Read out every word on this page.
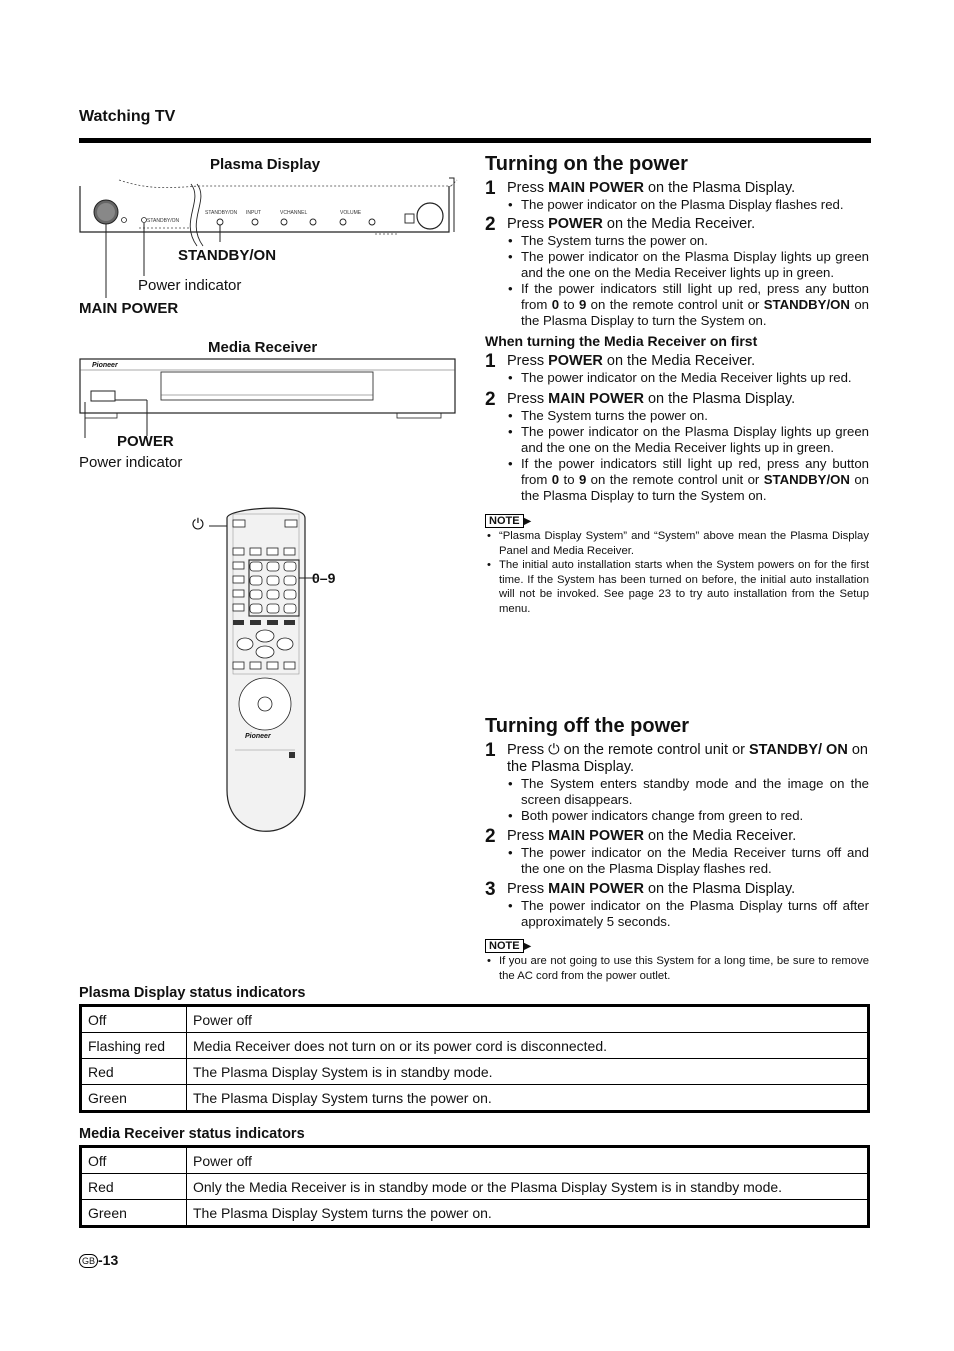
Watching TV
Plasma Display
STANDBY/ON INPUT	VCHANNEL	VOLUME
STANDBY/ON
STANDBY/ON
Power indicator
MAIN POWER
Media Receiver
Pioneer
POWER
Power indicator
⏻
0–9
Pioneer
Turning on the power
1 Press MAIN POWER on the Plasma Display.
• The power indicator on the Plasma Display flashes red.
2 Press POWER on the Media Receiver.
• The System turns the power on.
• The power indicator on the Plasma Display lights up green and the one on the Media Receiver lights up in green.
• If the power indicators still light up red, press any button from 0 to 9 on the remote control unit or STANDBY/ON on the Plasma Display to turn the System on.
When turning the Media Receiver on first
1 Press POWER on the Media Receiver.
• The power indicator on the Media Receiver lights up red.
2 Press MAIN POWER on the Plasma Display.
• The System turns the power on.
• The power indicator on the Plasma Display lights up green and the one on the Media Receiver lights up in green.
• If the power indicators still light up red, press any button from 0 to 9 on the remote control unit or STANDBY/ON on the Plasma Display to turn the System on.
NOTE ▶
• “Plasma Display System” and “System” above mean the Plasma Display Panel and Media Receiver.
• The initial auto installation starts when the System powers on for the first time. If the System has been turned on before, the initial auto installation will not be invoked. See page 23 to try auto installation from the Setup menu.
Turning off the power
1 Press ⏻ on the remote control unit or STANDBY/ ON on the Plasma Display.
• The System enters standby mode and the image on the screen disappears.
• Both power indicators change from green to red.
2 Press MAIN POWER on the Media Receiver.
• The power indicator on the Media Receiver turns off and the one on the Plasma Display flashes red.
3 Press MAIN POWER on the Plasma Display.
• The power indicator on the Plasma Display turns off after approximately 5 seconds.
NOTE ▶
• If you are not going to use this System for a long time, be sure to remove the AC cord from the power outlet.
Plasma Display status indicators
Off	Power off
Flashing red	Media Receiver does not turn on or its power cord is disconnected.
Red	The Plasma Display System is in standby mode.
Green	The Plasma Display System turns the power on.
Media Receiver status indicators
Off	Power off
Red	Only the Media Receiver is in standby mode or the Plasma Display System is in standby mode.
Green	The Plasma Display System turns the power on.
GB -13
